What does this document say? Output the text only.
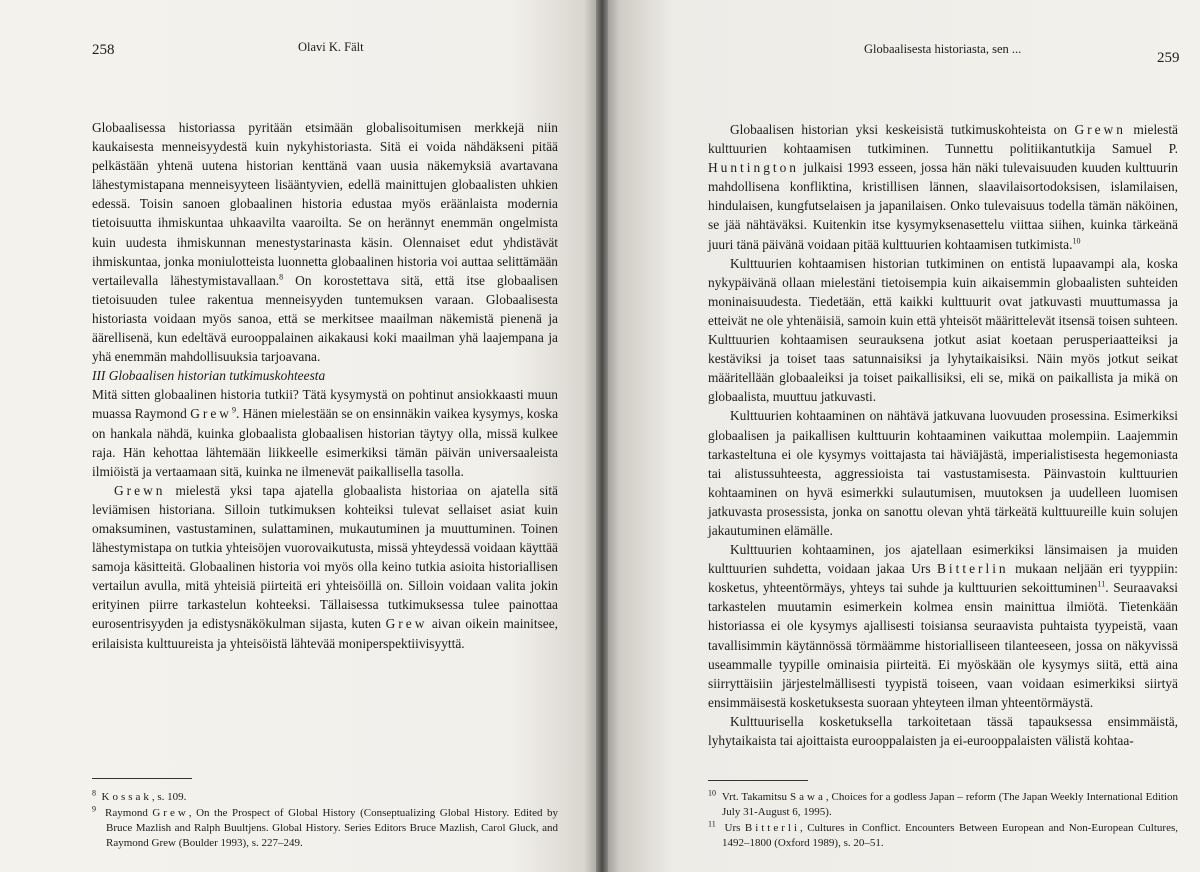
258	Olavi K. Fält

Globaalisessa historiassa pyritään etsimään globalisoitumisen merkkejä niin kaukaisesta menneisyydestä kuin nykyhistoriasta. Sitä ei voida nähdäkseni pitää pelkästään yhtenä uutena historian kenttänä vaan uusia näkemyksiä avartavana lähestymistapana menneisyyteen lisääntyvien, edellä mainittujen globaalisten uhkien edessä. Toisin sanoen globaalinen historia edustaa myös eräänlaista modernia tietoisuutta ihmiskuntaa uhkaavilta vaaroilta. Se on herännyt enemmän ongelmista kuin uudesta ihmiskunnan menestystarinasta käsin. Olennaiset edut yhdistävät ihmiskuntaa, jonka moniulotteista luonnetta globaalinen historia voi auttaa selittämään vertailevalla lähestymistavallaan.$^8$ On korostettava sitä, että itse globaalisen tietoisuuden tulee rakentua menneisyyden tuntemuksen varaan. Globaalisesta historiasta voidaan myös sanoa, että se merkitsee maailman näkemistä pienenä ja äärellisenä, kun edeltävä eurooppalainen aikakausi koki maailman yhä laajempana ja yhä enemmän mahdollisuuksia tarjoavana.

III Globaalisen historian tutkimuskohteesta

Mitä sitten globaalinen historia tutkii? Tätä kysymystä on pohtinut ansiokkaasti muun muassa Raymond Grew$^9$. Hänen mielestään se on ensinnäkin vaikea kysymys, koska on hankala nähdä, kuinka globaalista globaalisen historian täytyy olla, missä kulkee raja. Hän kehottaa lähtemään liikkeelle esimerkiksi tämän päivän universaaleista ilmiöistä ja vertaamaan sitä, kuinka ne ilmenevät paikallisella tasolla.

Grewn mielestä yksi tapa ajatella globaalista historiaa on ajatella sitä leviämisen historiana. Silloin tutkimuksen kohteiksi tulevat sellaiset asiat kuin omaksuminen, vastustaminen, sulattaminen, mukautuminen ja muuttuminen. Toinen lähestymistapa on tutkia yhteisöjen vuorovaikutusta, missä yhteydessä voidaan käyttää samoja käsitteitä. Globaalinen historia voi myös olla keino tutkia asioita historiallisen vertailun avulla, mitä yhteisiä piirteitä eri yhteisöillä on. Silloin voidaan valita jokin erityinen piirre tarkastelun kohteeksi. Tällaisessa tutkimuksessa tulee painottaa eurosentrisyyden ja edistysnäkökulman sijasta, kuten Grew aivan oikein mainitsee, erilaisista kulttuureista ja yhteisöistä lähtevää moniperspektiivisyyttä.

$^8$ Kossak, s. 109.

$^9$ Raymond Grew, On the Prospect of Global History (Conseptualizing Global History. Edited by Bruce Mazlish and Ralph Buultjens. Global History. Series Editors Bruce Mazlish, Carol Gluck, and Raymond Grew (Boulder 1993), s. 227–249.

Globaalisesta historiasta, sen ...
259

Globaalisen historian yksi keskeisistä tutkimuskohteista on Grewn mielestä kulttuurien kohtaamisen tutkiminen. Tunnettu politiikantutkija Samuel P. Huntington julkaisi 1993 esseen, jossa hän näki tulevaisuuden kuuden kulttuurin mahdollisena konfliktina, kristillisen lännen, slaavilaisortodoksisen, islamilaisen, hindulaisen, kungfutselaisen ja japanilaisen. Onko tulevaisuus todella tämän näköinen, se jää nähtäväksi. Kuitenkin itse kysymyksenasettelu viittaa siihen, kuinka tärkeänä juuri tänä päivänä voidaan pitää kulttuurien kohtaamisen tutkimista.$^{10}$

Kulttuurien kohtaamisen historian tutkiminen on entistä lupaavampi ala, koska nykypäivänä ollaan mielestäni tietoisempia kuin aikaisemmin globaalisten suhteiden moninaisuudesta. Tiedetään, että kaikki kulttuurit ovat jatkuvasti muuttumassa ja etteivät ne ole yhtenäisiä, samoin kuin että yhteisöt määrittelevät itsensä toisen suhteen. Kulttuurien kohtaamisen seurauksena jotkut asiat koetaan perusperiaatteiksi ja kestäviksi ja toiset taas satunnaisiksi ja lyhytaikaisiksi. Näin myös jotkut seikat määritellään globaaleiksi ja toiset paikallisiksi, eli se, mikä on paikallista ja mikä on globaalista, muuttuu jatkuvasti.

Kulttuurien kohtaaminen on nähtävä jatkuvana luovuuden prosessina. Esimerkiksi globaalisen ja paikallisen kulttuurin kohtaaminen vaikuttaa molempiin. Laajemmin tarkasteltuna ei ole kysymys voittajasta tai häviäjästä, imperialistisesta hegemoniasta tai alistussuhteesta, aggressioista tai vastustamisesta. Päinvastoin kulttuurien kohtaaminen on hyvä esimerkki sulautumisen, muutoksen ja uudelleen luomisen jatkuvasta prosessista, jonka on sanottu olevan yhtä tärkeätä kulttuureille kuin solujen jakautuminen elämälle.

Kulttuurien kohtaaminen, jos ajatellaan esimerkiksi länsimaisen ja muiden kulttuurien suhdetta, voidaan jakaa Urs Bitterlin mukaan neljään eri tyyppiin: kosketus, yhteentörmäys, yhteys tai suhde ja kulttuurien sekoittuminen$^{11}$. Seuraavaksi tarkastelen muutamin esimerkein kolmea ensin mainittua ilmiötä. Tietenkään historiassa ei ole kysymys ajallisesti toisiansa seuraavista puhtaista tyypeistä, vaan tavallisimmin käytännössä törmäämme historialliseen tilanteeseen, jossa on näkyvissä useammalle tyypille ominaisia piirteitä. Ei myöskään ole kysymys siitä, että aina siirryttäisiin järjestelmällisesti tyypistä toiseen, vaan voidaan esimerkiksi siirtyä ensimmäisestä kosketuksesta suoraan yhteyteen ilman yhteentörmäystä.

Kulttuurisella kosketuksella tarkoitetaan tässä tapauksessa ensimmäistä, lyhytaikaista tai ajoittaista eurooppalaisten ja ei-eurooppalaisten välistä kohtaa-

$^{10}$ Vrt. Takamitsu Sawa, Choices for a godless Japan – reform (The Japan Weekly International Edition July 31-August 6, 1995).

$^{11}$ Urs Bitterli, Cultures in Conflict. Encounters Between European and Non-European Cultures, 1492–1800 (Oxford 1989), s. 20–51.
